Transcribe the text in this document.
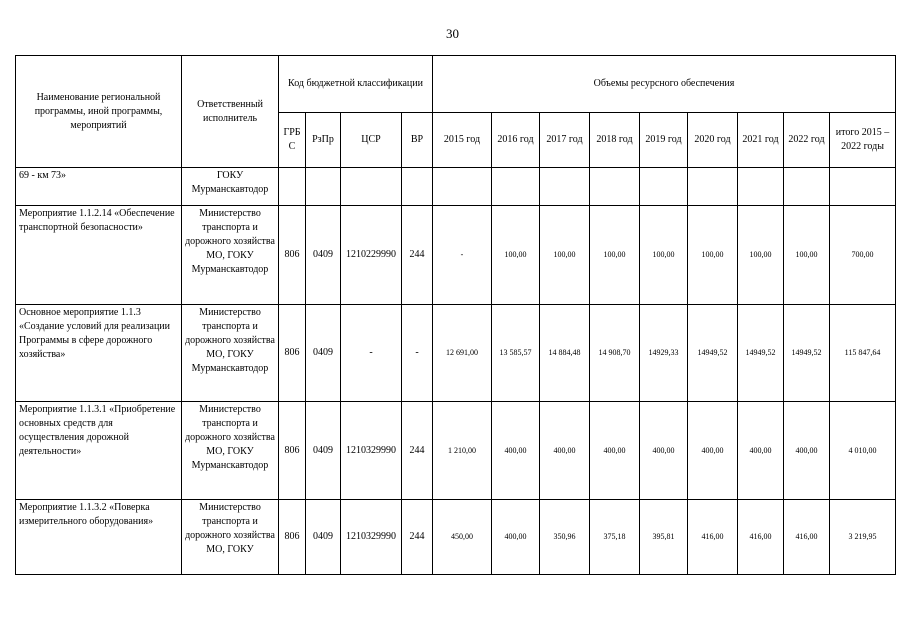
30
Наименование региональной программы, иной программы, мероприятий	Ответственный исполнитель	Код бюджетной классификации				Объемы ресурсного обеспечения								
		ГРБ С	РзПр	ЦСР	ВР	2015 год	2016 год	2017 год	2018 год	2019 год	2020 год	2021 год	2022 год	итого 2015 – 2022 годы
69 - км 73»	ГОКУ Мурманскавтодор													
Мероприятие 1.1.2.14 «Обеспечение транспортной безопасности»	Министерство транспорта и дорожного хозяйства МО, ГОКУ Мурманскавтодор	806	0409	1210229990	244	-	100,00	100,00	100,00	100,00	100,00	100,00	100,00	700,00
Основное мероприятие 1.1.3 «Создание условий для реализации Программы в сфере дорожного хозяйства»	Министерство транспорта и дорожного хозяйства МО, ГОКУ Мурманскавтодор	806	0409	-	-	12 691,00	13 585,57	14 884,48	14 908,70	14929,33	14949,52	14949,52	14949,52	115 847,64
Мероприятие 1.1.3.1 «Приобретение основных средств для осуществления дорожной деятельности»	Министерство транспорта и дорожного хозяйства МО, ГОКУ Мурманскавтодор	806	0409	1210329990	244	1 210,00	400,00	400,00	400,00	400,00	400,00	400,00	400,00	4 010,00
Мероприятие 1.1.3.2 «Поверка измерительного оборудования»	Министерство транспорта и дорожного хозяйства МО, ГОКУ	806	0409	1210329990	244	450,00	400,00	350,96	375,18	395,81	416,00	416,00	416,00	3 219,95
